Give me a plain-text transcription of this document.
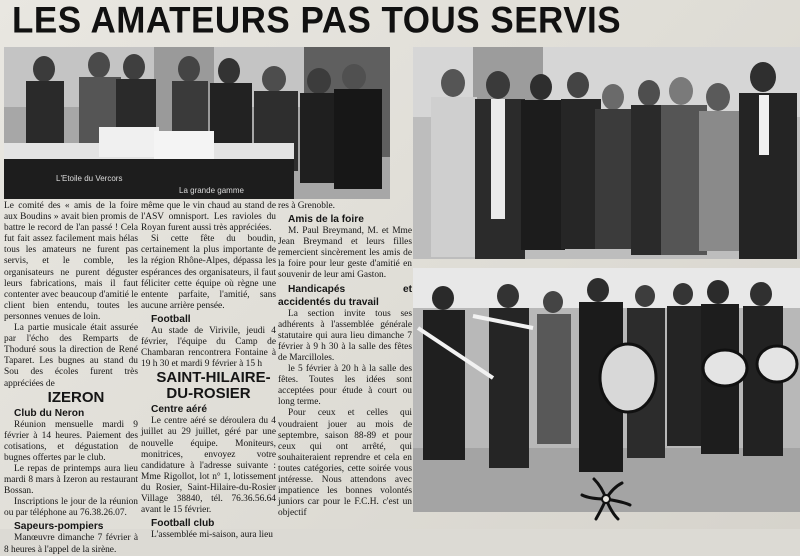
LES AMATEURS PAS TOUS SERVIS
L'Etoile du Vercors
La grande gamme

Le comité des « amis de la foire aux Boudins » avait bien promis de battre le record de l'an passé ! Cela fut fait assez facilement mais hélas tous les amateurs ne furent pas servis, et le comble, les organisateurs ne purent déguster leurs fabrications, mais il faut contenter avec beaucoup d'amitié le client bien entendu, toutes les personnes venues de loin.

La partie musicale était assurée par l'écho des Remparts de Thoduré sous la direction de René Taparet. Les bugnes au stand du Sou des écoles furent très appréciées de

IZERON

Club du Neron

Réunion mensuelle mardi 9 février à 14 heures. Paiement des cotisations, et dégustation de bugnes offertes par le club.

Le repas de printemps aura lieu mardi 8 mars à Izeron au restaurant Bossan.

Inscriptions le jour de la réunion ou par téléphone au 76.38.26.07.

Sapeurs-pompiers

Manœuvre dimanche 7 février à 8 heures à l'appel de la sirène.

même que le vin chaud au stand de l'ASV omnisport. Les ravioles du Royan furent aussi très appréciées.

Si cette fête du boudin, certainement la plus importante de la région Rhône-Alpes, dépassa les espérances des organisateurs, il faut féliciter cette équipe où règne une entente parfaite, l'amitié, sans aucune arrière pensée.

Football

Au stade de Virivile, jeudi 4 février, l'équipe du Camp de Chambaran rencontrera Fontaine à 19 h 30 et mardi 9 février à 15 h

SAINT-HILAIRE-DU-ROSIER

Centre aéré

Le centre aéré se déroulera du 4 juillet au 29 juillet, géré par une nouvelle équipe. Moniteurs, monitrices, envoyez votre candidature à l'adresse suivante : Mme Rigollot, lot n° 1, lotissement du Rosier, Saint-Hilaire-du-Rosier Village 38840, tél. 76.36.56.64 avant le 15 février.

Football club

L'assemblée mi-saison, aura lieu

res à Grenoble.

Amis de la foire

M. Paul Breymand, M. et Mme Jean Breymand et leurs filles remercient sincèrement les amis de la foire pour leur geste d'amitié en souvenir de leur ami Gaston.

Handicapés et accidentés du travail

La section invite tous ses adhérents à l'assemblée générale statutaire qui aura lieu dimanche 7 février à 9 h 30 à la salle des fêtes de Marcilloles.

le 5 février à 20 h à la salle des fêtes. Toutes les idées sont acceptées pour étude à court ou long terme.

Pour ceux et celles qui voudraient jouer au mois de septembre, saison 88-89 et pour ceux qui ont arrêté, qui souhaiteraient reprendre et cela en toutes catégories, cette soirée vous intéresse. Nous attendons avec impatience les bonnes volontés juniors car pour le F.C.H. c'est un objectif
